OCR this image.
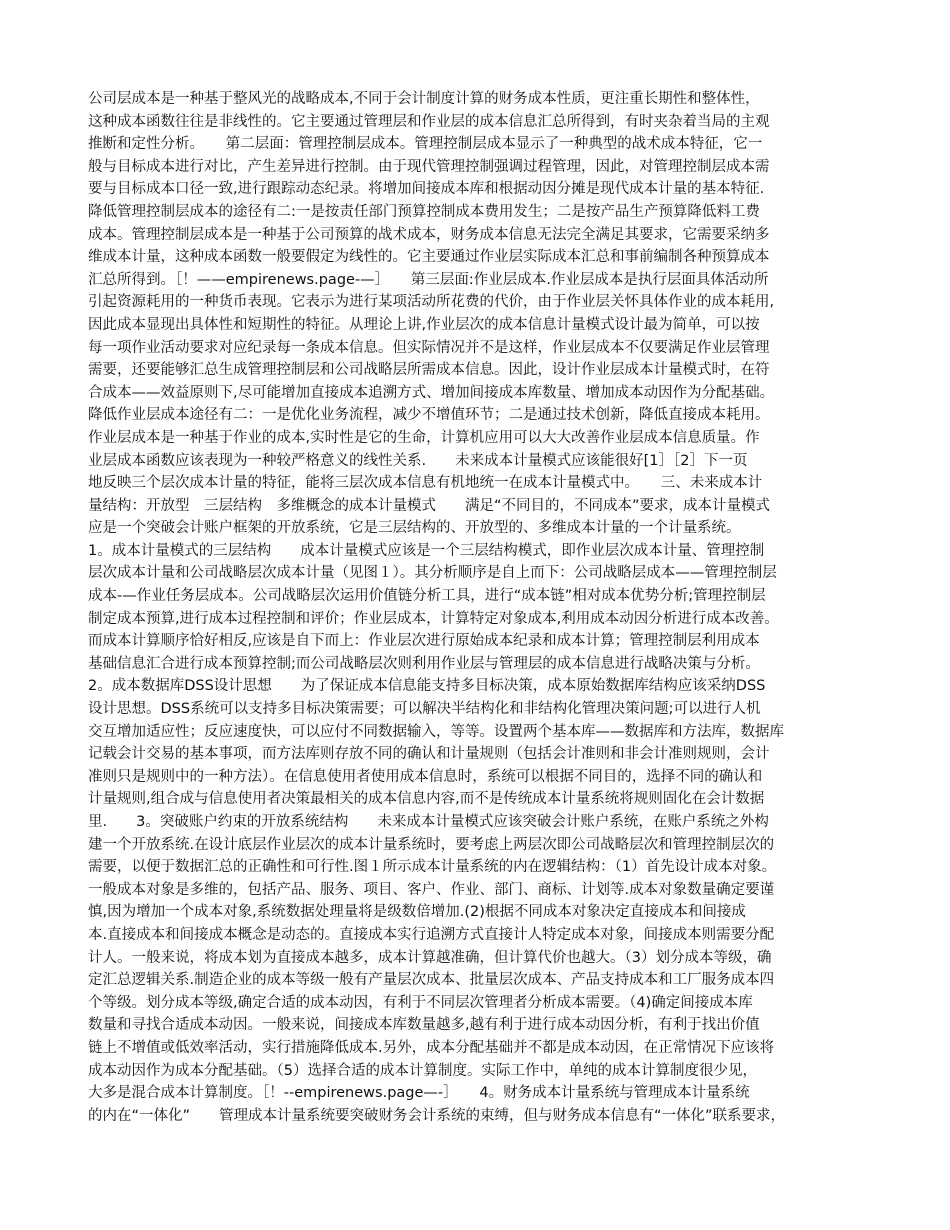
公司层成本是一种基于整风光的战略成本,不同于会计制度计算的财务成本性质，更注重长期性和整体性，
这种成本函数往往是非线性的。它主要通过管理层和作业层的成本信息汇总所得到，有时夹杂着当局的主观
推断和定性分析。　　第二层面：管理控制层成本。管理控制层成本显示了一种典型的战术成本特征，它一
般与目标成本进行对比，产生差异进行控制。由于现代管理控制强调过程管理，因此，对管理控制层成本需
要与目标成本口径一致,进行跟踪动态纪录。将增加间接成本库和根据动因分摊是现代成本计量的基本特征.
降低管理控制层成本的途径有二:一是按责任部门预算控制成本费用发生；二是按产品生产预算降低料工费
成本。管理控制层成本是一种基于公司预算的战术成本，财务成本信息无法完全满足其要求，它需要采纳多
维成本计量，这种成本函数一般要假定为线性的。它主要通过作业层实际成本汇总和事前编制各种预算成本
汇总所得到。［！——empirenews.page-—］　　第三层面:作业层成本.作业层成本是执行层面具体活动所
引起资源耗用的一种货币表现。它表示为进行某项活动所花费的代价，由于作业层关怀具体作业的成本耗用,
因此成本显现出具体性和短期性的特征。从理论上讲,作业层次的成本信息计量模式设计最为简单，可以按
每一项作业活动要求对应纪录每一条成本信息。但实际情况并不是这样，作业层成本不仅要满足作业层管理
需要，还要能够汇总生成管理控制层和公司战略层所需成本信息。因此，设计作业层成本计量模式时，在符
合成本——效益原则下,尽可能增加直接成本追溯方式、增加间接成本库数量、增加成本动因作为分配基础。
降低作业层成本途径有二：一是优化业务流程，减少不增值环节；二是通过技术创新，降低直接成本耗用。
作业层成本是一种基于作业的成本,实时性是它的生命，计算机应用可以大大改善作业层成本信息质量。作
业层成本函数应该表现为一种较严格意义的线性关系.　　未来成本计量模式应该能很好[1］［2］下一页
地反映三个层次成本计量的特征，能将三层次成本信息有机地统一在成本计量模式中。　　三、未来成本计
量结构：开放型　三层结构　多维概念的成本计量模式　　满足“不同目的，不同成本”要求，成本计量模式
应是一个突破会计账户框架的开放系统，它是三层结构的、开放型的、多维成本计量的一个计量系统。
1。成本计量模式的三层结构　　成本计量模式应该是一个三层结构模式，即作业层次成本计量、管理控制
层次成本计量和公司战略层次成本计量（见图１）。其分析顺序是自上而下：公司战略层成本——管理控制层
成本-—作业任务层成本。公司战略层次运用价值链分析工具，进行“成本链”相对成本优势分析;管理控制层
制定成本预算,进行成本过程控制和评价；作业层成本，计算特定对象成本,利用成本动因分析进行成本改善。
而成本计算顺序恰好相反,应该是自下而上：作业层次进行原始成本纪录和成本计算；管理控制层利用成本
基础信息汇合进行成本预算控制;而公司战略层次则利用作业层与管理层的成本信息进行战略决策与分析。
2。成本数据库DSS设计思想　　为了保证成本信息能支持多目标决策，成本原始数据库结构应该采纳DSS
设计思想。DSS系统可以支持多目标决策需要；可以解决半结构化和非结构化管理决策问题;可以进行人机
交互增加适应性；反应速度快，可以应付不同数据输入，等等。设置两个基本库——数据库和方法库，数据库
记载会计交易的基本事项，而方法库则存放不同的确认和计量规则（包括会计准则和非会计准则规则，会计
准则只是规则中的一种方法）。在信息使用者使用成本信息时，系统可以根据不同目的，选择不同的确认和
计量规则,组合成与信息使用者决策最相关的成本信息内容,而不是传统成本计量系统将规则固化在会计数据
里.　　3。突破账户约束的开放系统结构　　未来成本计量模式应该突破会计账户系统，在账户系统之外构
建一个开放系统.在设计底层作业层次的成本计量系统时，要考虑上两层次即公司战略层次和管理控制层次的
需要，以便于数据汇总的正确性和可行性.图１所示成本计量系统的内在逻辑结构：（1）首先设计成本对象。
一般成本对象是多维的，包括产品、服务、项目、客户、作业、部门、商标、计划等.成本对象数量确定要谨
慎,因为增加一个成本对象,系统数据处理量将是级数倍增加.(2)根据不同成本对象决定直接成本和间接成
本.直接成本和间接成本概念是动态的。直接成本实行追溯方式直接计人特定成本对象，间接成本则需要分配
计人。一般来说，将成本划为直接成本越多，成本计算越准确，但计算代价也越大。（3）划分成本等级，确
定汇总逻辑关系.制造企业的成本等级一般有产量层次成本、批量层次成本、产品支持成本和工厂服务成本四
个等级。划分成本等级,确定合适的成本动因，有利于不同层次管理者分析成本需要。（4)确定间接成本库
数量和寻找合适成本动因。一般来说，间接成本库数量越多,越有利于进行成本动因分析，有利于找出价值
链上不增值或低效率活动，实行措施降低成本.另外，成本分配基础并不都是成本动因，在正常情况下应该将
成本动因作为成本分配基础。（5）选择合适的成本计算制度。实际工作中，单纯的成本计算制度很少见，
大多是混合成本计算制度。［！--empirenews.page—-］　　4。财务成本计量系统与管理成本计量系统
的内在“一体化”　　管理成本计量系统要突破财务会计系统的束缚，但与财务成本信息有“一体化”联系要求，
